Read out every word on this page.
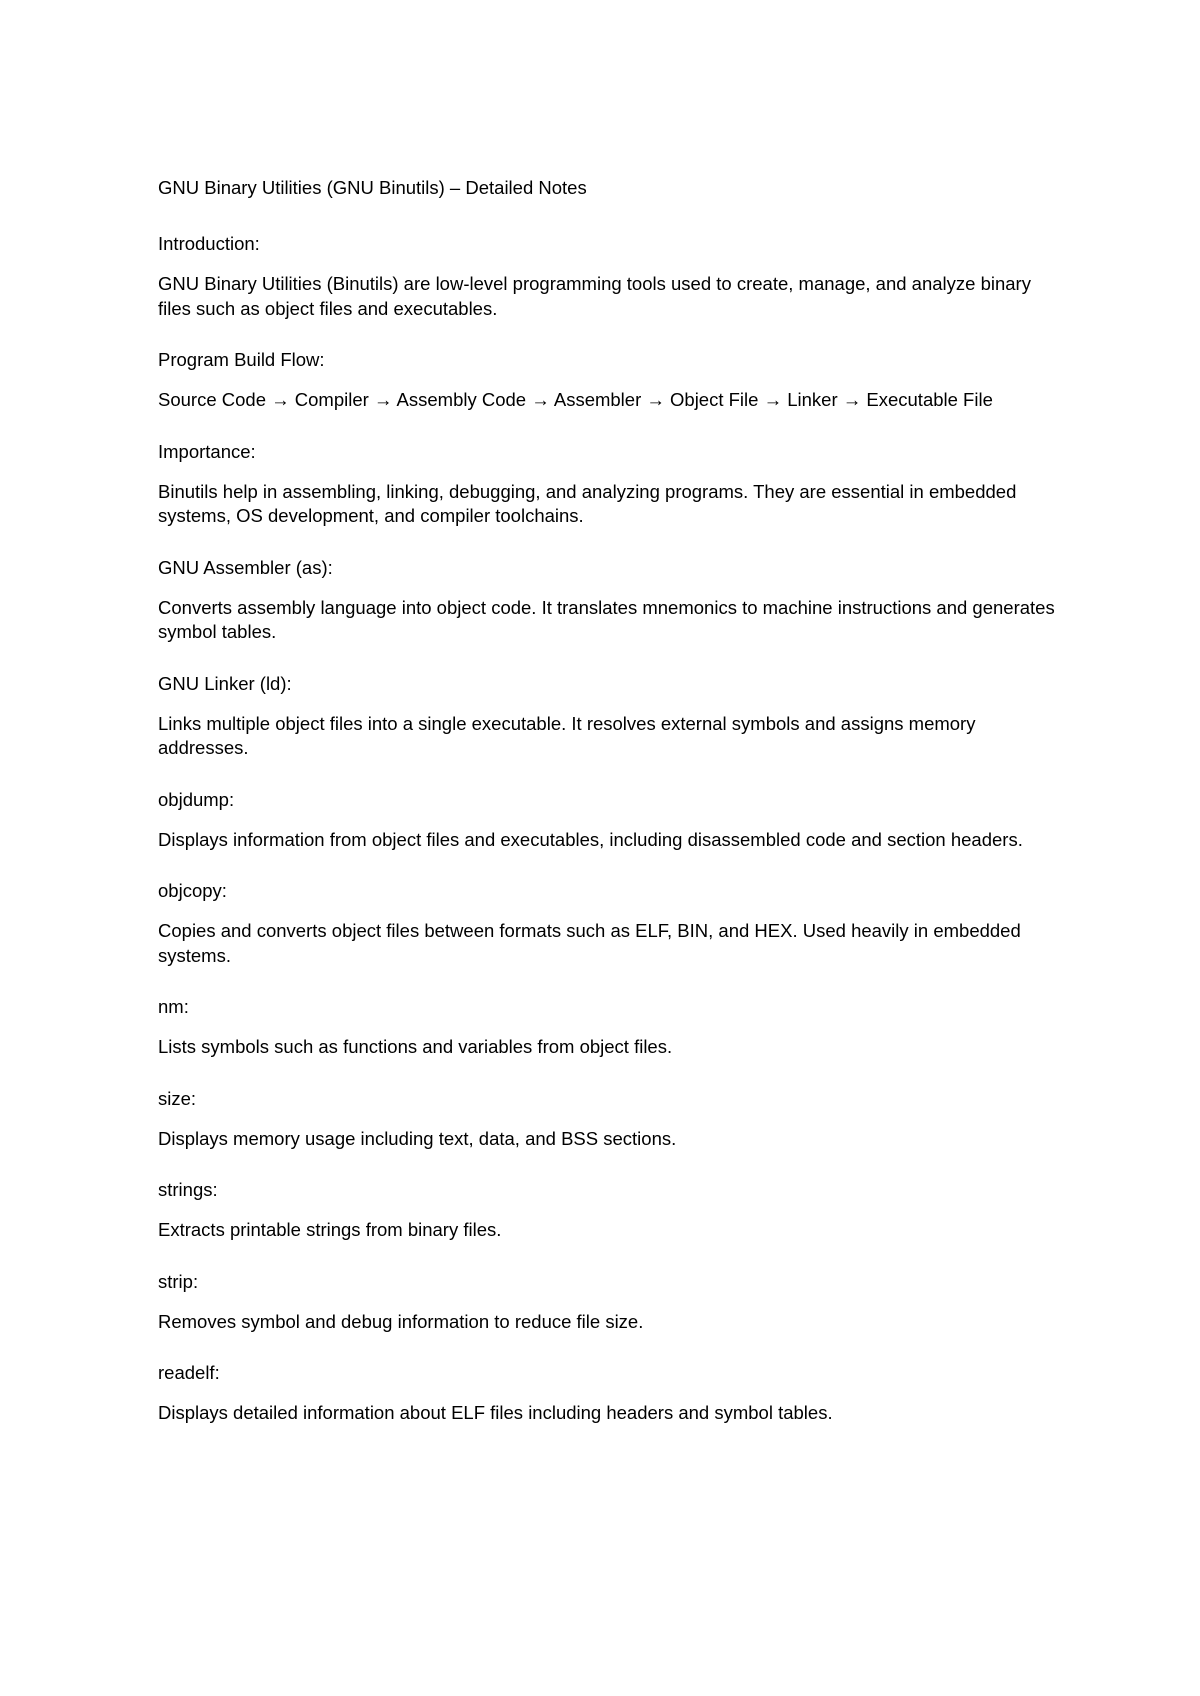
GNU Binary Utilities (GNU Binutils) – Detailed Notes
Introduction:
GNU Binary Utilities (Binutils) are low-level programming tools used to create, manage, and analyze binary files such as object files and executables.
Program Build Flow:
Source Code → Compiler → Assembly Code → Assembler → Object File → Linker → Executable File
Importance:
Binutils help in assembling, linking, debugging, and analyzing programs. They are essential in embedded systems, OS development, and compiler toolchains.
GNU Assembler (as):
Converts assembly language into object code. It translates mnemonics to machine instructions and generates symbol tables.
GNU Linker (ld):
Links multiple object files into a single executable. It resolves external symbols and assigns memory addresses.
objdump:
Displays information from object files and executables, including disassembled code and section headers.
objcopy:
Copies and converts object files between formats such as ELF, BIN, and HEX. Used heavily in embedded systems.
nm:
Lists symbols such as functions and variables from object files.
size:
Displays memory usage including text, data, and BSS sections.
strings:
Extracts printable strings from binary files.
strip:
Removes symbol and debug information to reduce file size.
readelf:
Displays detailed information about ELF files including headers and symbol tables.
